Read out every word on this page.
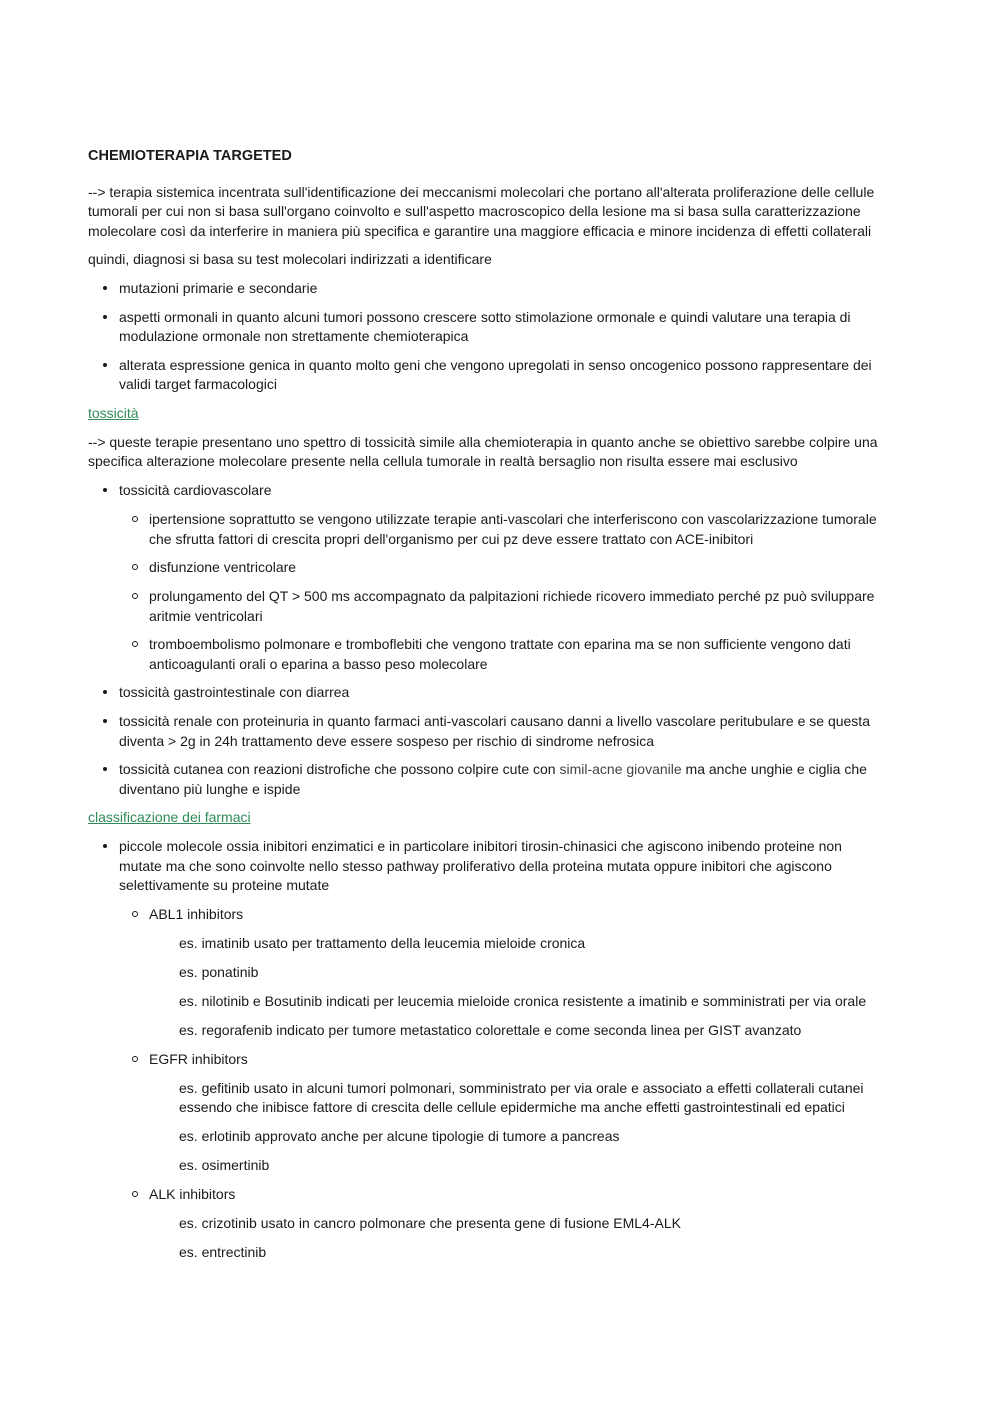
CHEMIOTERAPIA TARGETED

--> terapia sistemica incentrata sull'identificazione dei meccanismi molecolari che portano all'alterata proliferazione delle cellule tumorali per cui non si basa sull'organo coinvolto e sull'aspetto macroscopico della lesione ma si basa sulla caratterizzazione molecolare così da interferire in maniera più specifica e garantire una maggiore efficacia e minore incidenza di effetti collaterali

quindi, diagnosi si basa su test molecolari indirizzati a identificare

mutazioni primarie e secondarie
aspetti ormonali in quanto alcuni tumori possono crescere sotto stimolazione ormonale e quindi valutare una terapia di modulazione ormonale non strettamente chemioterapica
alterata espressione genica in quanto molto geni che vengono upregolati in senso oncogenico possono rappresentare dei validi target farmacologici

tossicità

--> queste terapie presentano uno spettro di tossicità simile alla chemioterapia in quanto anche se obiettivo sarebbe colpire una specifica alterazione molecolare presente nella cellula tumorale in realtà bersaglio non risulta essere mai esclusivo

tossicità cardiovascolare
ipertensione soprattutto se vengono utilizzate terapie anti-vascolari che interferiscono con vascolarizzazione tumorale che sfrutta fattori di crescita propri dell'organismo per cui pz deve essere trattato con ACE-inibitori
disfunzione ventricolare
prolungamento del QT > 500 ms accompagnato da palpitazioni richiede ricovero immediato perché pz può sviluppare aritmie ventricolari
tromboembolismo polmonare e tromboflebiti che vengono trattate con eparina ma se non sufficiente vengono dati anticoagulanti orali o eparina a basso peso molecolare
tossicità gastrointestinale con diarrea
tossicità renale con proteinuria in quanto farmaci anti-vascolari causano danni a livello vascolare peritubulare e se questa diventa > 2g in 24h trattamento deve essere sospeso per rischio di sindrome nefrosica
tossicità cutanea con reazioni distrofiche che possono colpire cute con simil-acne giovanile ma anche unghie e ciglia che diventano più lunghe e ispide

classificazione dei farmaci

piccole molecole ossia inibitori enzimatici e in particolare inibitori tirosin-chinasici che agiscono inibendo proteine non mutate ma che sono coinvolte nello stesso pathway proliferativo della proteina mutata oppure inibitori che agiscono selettivamente su proteine mutate
ABL1 inhibitors

es. imatinib usato per trattamento della leucemia mieloide cronica

es. ponatinib

es. nilotinib e Bosutinib indicati per leucemia mieloide cronica resistente a imatinib e somministrati per via orale

es. regorafenib indicato per tumore metastatico colorettale e come seconda linea per GIST avanzato

EGFR inhibitors

es. gefitinib usato in alcuni tumori polmonari, somministrato per via orale e associato a effetti collaterali cutanei essendo che inibisce fattore di crescita delle cellule epidermiche ma anche effetti gastrointestinali ed epatici

es. erlotinib approvato anche per alcune tipologie di tumore a pancreas

es. osimertinib

ALK inhibitors

es. crizotinib usato in cancro polmonare che presenta gene di fusione EML4-ALK

es. entrectinib
